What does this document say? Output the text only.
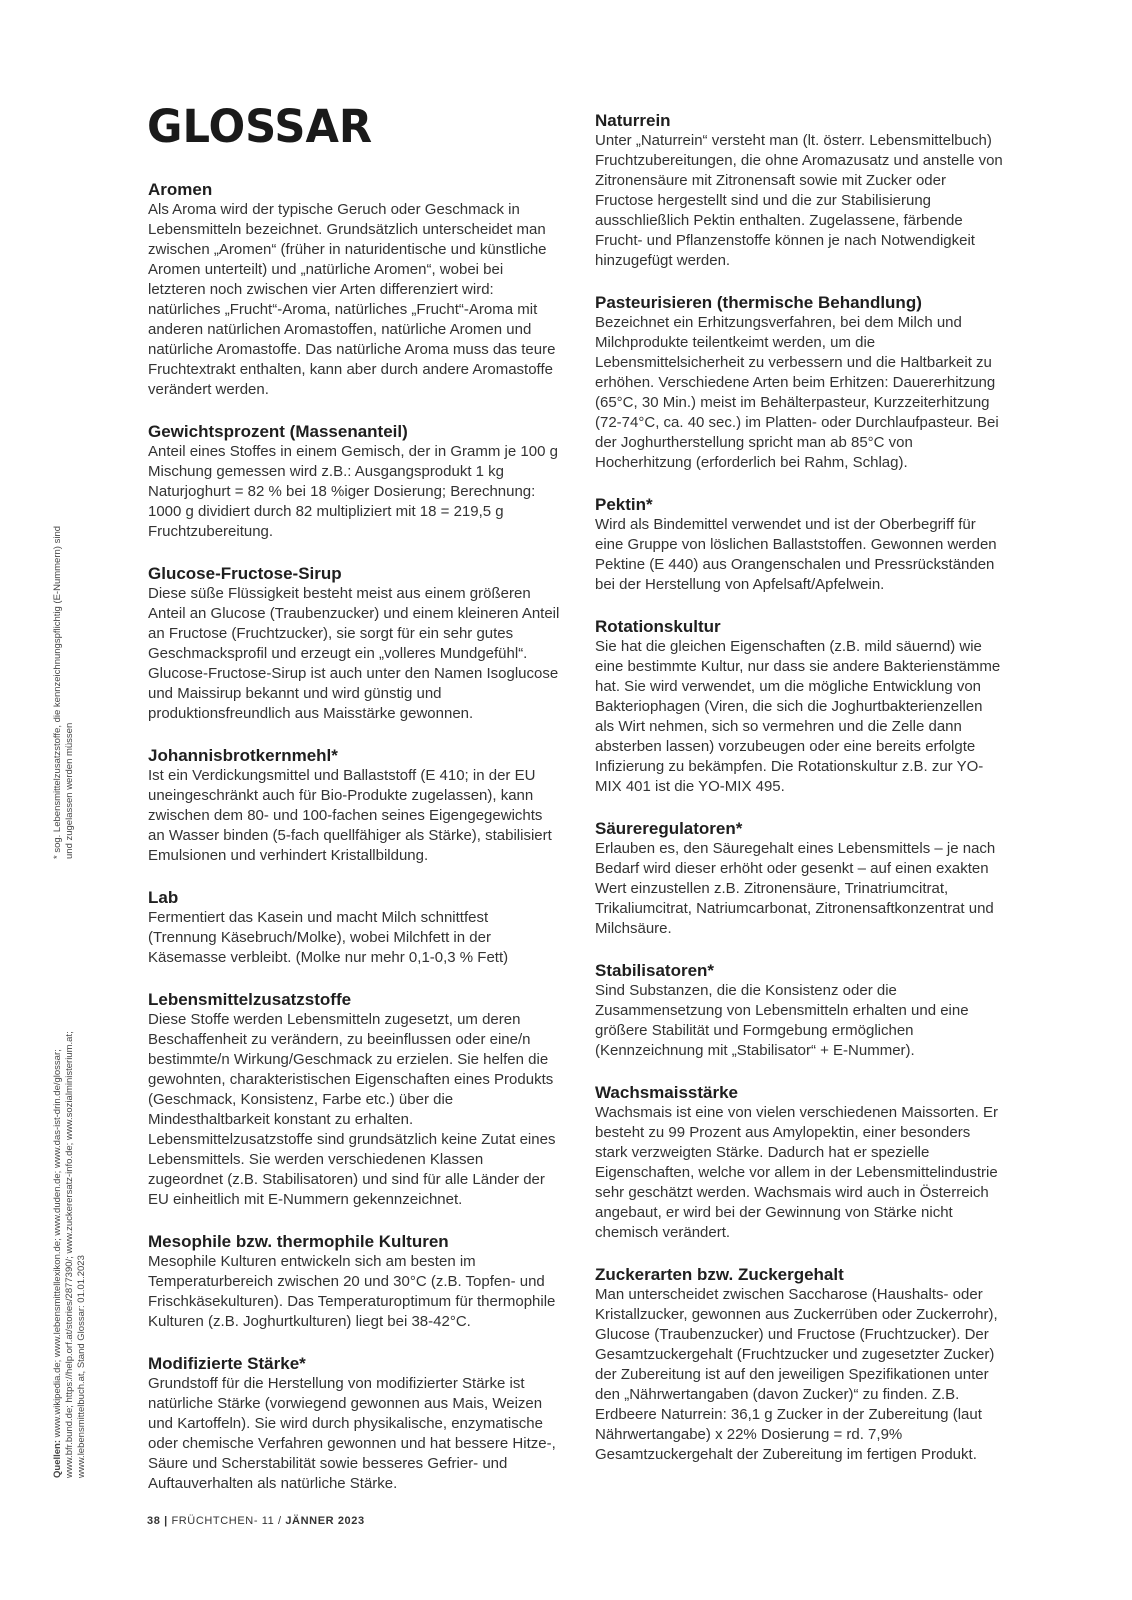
GLOSSAR
Aromen

Als Aroma wird der typische Geruch oder Geschmack in Lebensmitteln bezeichnet. Grundsätzlich unterscheidet man zwischen „Aromen“ (früher in naturidentische und künstliche Aromen unterteilt) und „natürliche Aromen“, wobei bei letzteren noch zwischen vier Arten differenziert wird: natürliches „Frucht“-Aroma, natürliches „Frucht“-Aroma mit anderen natürlichen Aromastoffen, natürliche Aromen und natürliche Aromastoffe. Das natürliche Aroma muss das teure Fruchtextrakt enthalten, kann aber durch andere Aromastoffe verändert werden.

Gewichtsprozent (Massenanteil)

Anteil eines Stoffes in einem Gemisch, der in Gramm je 100 g Mischung gemessen wird z.B.: Ausgangsprodukt 1 kg Naturjoghurt = 82 % bei 18 %iger Dosierung; Berechnung: 1000 g dividiert durch 82 multipliziert mit 18 = 219,5 g Fruchtzubereitung.

Glucose-Fructose-Sirup

Diese süße Flüssigkeit besteht meist aus einem größeren Anteil an Glucose (Traubenzucker) und einem kleineren Anteil an Fructose (Fruchtzucker), sie sorgt für ein sehr gutes Geschmacksprofil und erzeugt ein „volleres Mundgefühl“. Glucose-Fructose-Sirup ist auch unter den Namen Isoglucose und Maissirup bekannt und wird günstig und produktionsfreundlich aus Maisstärke gewonnen.

Johannisbrotkernmehl*

Ist ein Verdickungsmittel und Ballaststoff (E 410; in der EU uneingeschränkt auch für Bio-Produkte zugelassen), kann zwischen dem 80- und 100-fachen seines Eigengegewichts an Wasser binden (5-fach quellfähiger als Stärke), stabilisiert Emulsionen und verhindert Kristallbildung.

Lab

Fermentiert das Kasein und macht Milch schnittfest (Trennung Käsebruch/Molke), wobei Milchfett in der Käsemasse verbleibt. (Molke nur mehr 0,1-0,3 % Fett)

Lebensmittelzusatzstoffe

Diese Stoffe werden Lebensmitteln zugesetzt, um deren Beschaffenheit zu verändern, zu beeinflussen oder eine/n bestimmte/n Wirkung/Geschmack zu erzielen. Sie helfen die gewohnten, charakteristischen Eigenschaften eines Produkts (Geschmack, Konsistenz, Farbe etc.) über die Mindesthaltbarkeit konstant zu erhalten. Lebensmittelzusatzstoffe sind grundsätzlich keine Zutat eines Lebensmittels. Sie werden verschiedenen Klassen zugeordnet (z.B. Stabilisatoren) und sind für alle Länder der EU einheitlich mit E-Nummern gekennzeichnet.

Mesophile bzw. thermophile Kulturen

Mesophile Kulturen entwickeln sich am besten im Temperaturbereich zwischen 20 und 30°C (z.B. Topfen- und Frischkäsekulturen). Das Temperaturoptimum für thermophile Kulturen (z.B. Joghurtkulturen) liegt bei 38-42°C.

Modifizierte Stärke*

Grundstoff für die Herstellung von modifizierter Stärke ist natürliche Stärke (vorwiegend gewonnen aus Mais, Weizen und Kartoffeln). Sie wird durch physikalische, enzymatische oder chemische Verfahren gewonnen und hat bessere Hitze-, Säure und Scherstabilität sowie besseres Gefrier- und Auftauverhalten als natürliche Stärke.

Naturrein

Unter „Naturrein“ versteht man (lt. österr. Lebensmittelbuch) Fruchtzubereitungen, die ohne Aromazusatz und anstelle von Zitronensäure mit Zitronensaft sowie mit Zucker oder Fructose hergestellt sind und die zur Stabilisierung ausschließlich Pektin enthalten. Zugelassene, färbende Frucht- und Pflanzenstoffe können je nach Notwendigkeit hinzugefügt werden.

Pasteurisieren (thermische Behandlung)

Bezeichnet ein Erhitzungsverfahren, bei dem Milch und Milchprodukte teilentkeimt werden, um die Lebensmittelsicherheit zu verbessern und die Haltbarkeit zu erhöhen. Verschiedene Arten beim Erhitzen: Dauererhitzung (65°C, 30 Min.) meist im Behälterpasteur, Kurzzeiterhitzung (72-74°C, ca. 40 sec.) im Platten- oder Durchlaufpasteur. Bei der Joghurtherstellung spricht man ab 85°C von Hocherhitzung (erforderlich bei Rahm, Schlag).

Pektin*

Wird als Bindemittel verwendet und ist der Oberbegriff für eine Gruppe von löslichen Ballaststoffen. Gewonnen werden Pektine (E 440) aus Orangenschalen und Pressrückständen bei der Herstellung von Apfelsaft/Apfelwein.

Rotationskultur

Sie hat die gleichen Eigenschaften (z.B. mild säuernd) wie eine bestimmte Kultur, nur dass sie andere Bakterienstämme hat. Sie wird verwendet, um die mögliche Entwicklung von Bakteriophagen (Viren, die sich die Joghurtbakterienzellen als Wirt nehmen, sich so vermehren und die Zelle dann absterben lassen) vorzubeugen oder eine bereits erfolgte Infizierung zu bekämpfen. Die Rotationskultur z.B. zur YO-MIX 401 ist die YO-MIX 495.

Säureregulatoren*

Erlauben es, den Säuregehalt eines Lebensmittels – je nach Bedarf wird dieser erhöht oder gesenkt – auf einen exakten Wert einzustellen z.B. Zitronensäure, Trinatriumcitrat, Trikaliumcitrat, Natriumcarbonat, Zitronensaftkonzentrat und Milchsäure.

Stabilisatoren*

Sind Substanzen, die die Konsistenz oder die Zusammensetzung von Lebensmitteln erhalten und eine größere Stabilität und Formgebung ermöglichen (Kennzeichnung mit „Stabilisator“ + E-Nummer).

Wachsmaisstärke

Wachsmais ist eine von vielen verschiedenen Maissorten. Er besteht zu 99 Prozent aus Amylopektin, einer besonders stark verzweigten Stärke. Dadurch hat er spezielle Eigenschaften, welche vor allem in der Lebensmittelindustrie sehr geschätzt werden. Wachsmais wird auch in Österreich angebaut, er wird bei der Gewinnung von Stärke nicht chemisch verändert.

Zuckerarten bzw. Zuckergehalt

Man unterscheidet zwischen Saccharose (Haushalts- oder Kristallzucker, gewonnen aus Zuckerrüben oder Zuckerrohr), Glucose (Traubenzucker) und Fructose (Fruchtzucker). Der Gesamtzuckergehalt (Fruchtzucker und zugesetzter Zucker) der Zubereitung ist auf den jeweiligen Spezifikationen unter den „Nährwertangaben (davon Zucker)“ zu finden. Z.B. Erdbeere Naturrein: 36,1 g Zucker in der Zubereitung (laut Nährwertangabe) x 22% Dosierung = rd. 7,9% Gesamtzuckergehalt der Zubereitung im fertigen Produkt.

* sog. Lebensmittelzusatzstoffe, die kennzeichnungspflichtig (E-Nummern) sind und zugelassen werden müssen
Quellen: www.wikipedia.de; www.lebensmittellexikon.de; www.duden.de; www.das-ist-drin.de/glossar; www.bfr.bund.de; https://help.orf.at/stories/2877390/; www.zuckerersatz-info.de; www.sozialministerium.at; www.lebensmittelbuch.at, Stand Glossar: 01.01.2023
38 | FRÜCHTCHEN- 11 / JÄNNER 2023
